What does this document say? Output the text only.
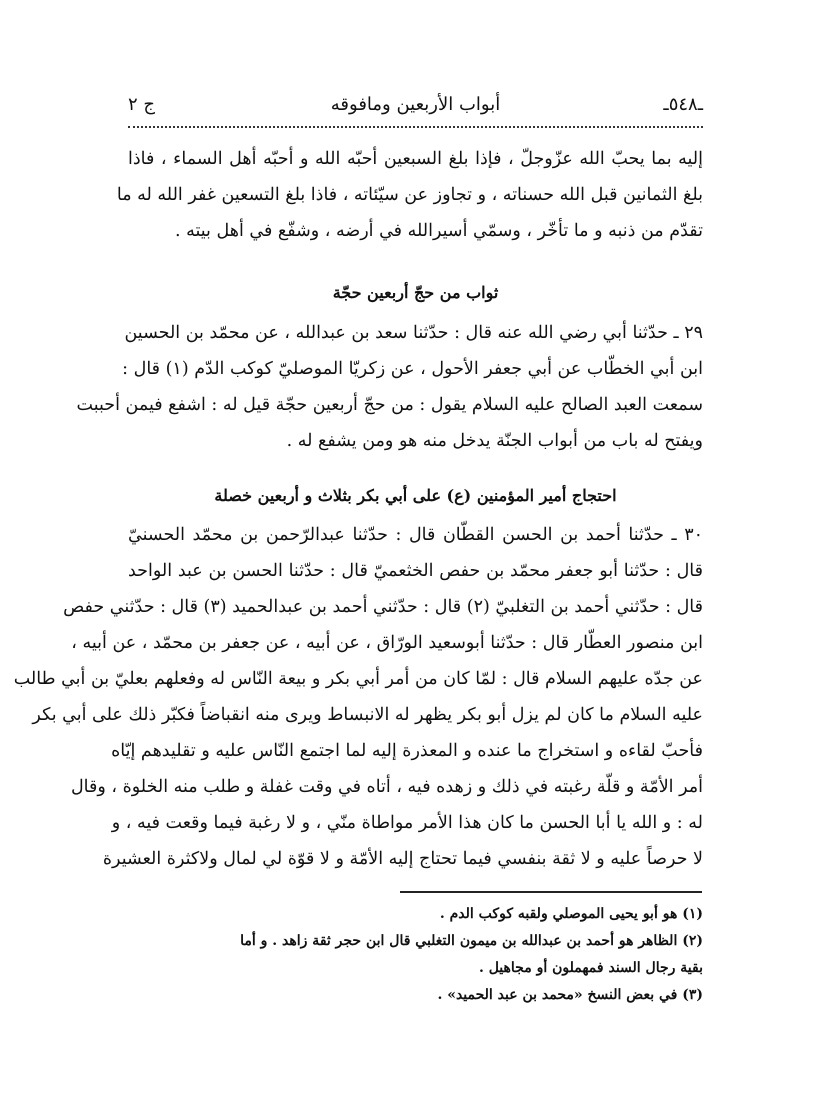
ـ٥٤٨ـ
أبواب الأربعين ومافوقه
ج ٢
إليه بما يحبّ الله عزّوجلّ ، فإذا بلغ السبعين أحبّه الله و أحبّه أهل السماء ، فاذا
بلغ الثمانين قبل الله حسناته ، و تجاوز عن سيّئاته ، فاذا بلغ التسعين غفر الله له ما
تقدّم من ذنبه و ما تأخّر ، وسمّي أسيرالله في أرضه ، وشفّع في أهل بيته .
ثواب من حجّ أربعين حجّة
٢٩ ـ حدّثنا أبي رضي الله عنه قال : حدّثنا سعد بن عبدالله ، عن محمّد بن الحسين
ابن أبي الخطّاب عن أبي جعفر الأحول ، عن زكريّا الموصليّ كوكب الدّم (١) قال :
سمعت العبد الصالح عليه السلام يقول : من حجّ أربعين حجّة قيل له : اشفع فيمن أحببت
ويفتح له باب من أبواب الجنّة يدخل منه هو ومن يشفع له .
احتجاج أمير المؤمنين (ع) على أبي بكر بثلاث و أربعين خصلة
٣٠ ـ حدّثنا أحمد بن الحسن القطّان قال : حدّثنا عبدالرّحمن بن محمّد الحسنيّ
قال : حدّثنا أبو جعفر محمّد بن حفص الخثعميّ قال : حدّثنا الحسن بن عبد الواحد
قال : حدّثني أحمد بن التغلبيّ (٢) قال : حدّثني أحمد بن عبدالحميد (٣) قال : حدّثني حفص
ابن منصور العطّار قال : حدّثنا أبوسعيد الورّاق ، عن أبيه ، عن جعفر بن محمّد ، عن أبيه ،
عن جدّه عليهم السلام قال : لمّا كان من أمر أبي بكر و بيعة النّاس له وفعلهم بعليّ بن أبي طالب
عليه السلام ما كان لم يزل أبو بكر يظهر له الانبساط ويرى منه انقباضاً فكبّر ذلك على أبي بكر
فأحبّ لقاءه و استخراج ما عنده و المعذرة إليه لما اجتمع النّاس عليه و تقليدهم إيّاه
أمر الأمّة و قلّة رغبته في ذلك و زهده فيه ، أتاه في وقت غفلة و طلب منه الخلوة ، وقال
له : و الله يا أبا الحسن ما كان هذا الأمر مواطاة منّي ، و لا رغبة فيما وقعت فيه ، و
لا حرصاً عليه و لا ثقة بنفسي فيما تحتاج إليه الأمّة و لا قوّة لي لمال ولاكثرة العشيرة
(١) هو أبو يحيى الموصلي ولقبه كوكب الدم .
(٢) الظاهر هو أحمد بن عبدالله بن ميمون التغلبي قال ابن حجر ثقة زاهد . و أما
بقية رجال السند فمهملون أو مجاهيل .
(٣) في بعض النسخ «محمد بن عبد الحميد» .
